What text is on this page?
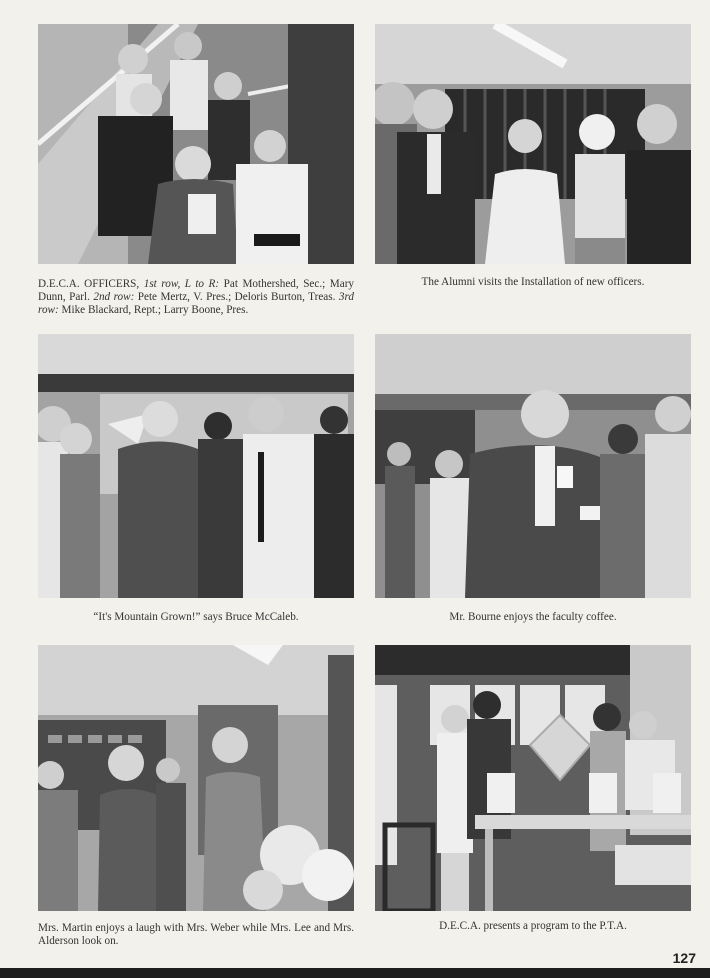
D.E.C.A. OFFICERS, 1st row, L to R: Pat Mothershed, Sec.; Mary Dunn, Parl. 2nd row: Pete Mertz, V. Pres.; Deloris Burton, Treas. 3rd row: Mike Blackard, Rept.; Larry Boone, Pres.
The Alumni visits the Installation of new officers.
“It's Mountain Grown!” says Bruce McCaleb.	Mr. Bourne enjoys the faculty coffee.
Mrs. Martin enjoys a laugh with Mrs. Weber while Mrs. Lee and Mrs. Alderson look on.
D.E.C.A. presents a program to the P.T.A.
127
